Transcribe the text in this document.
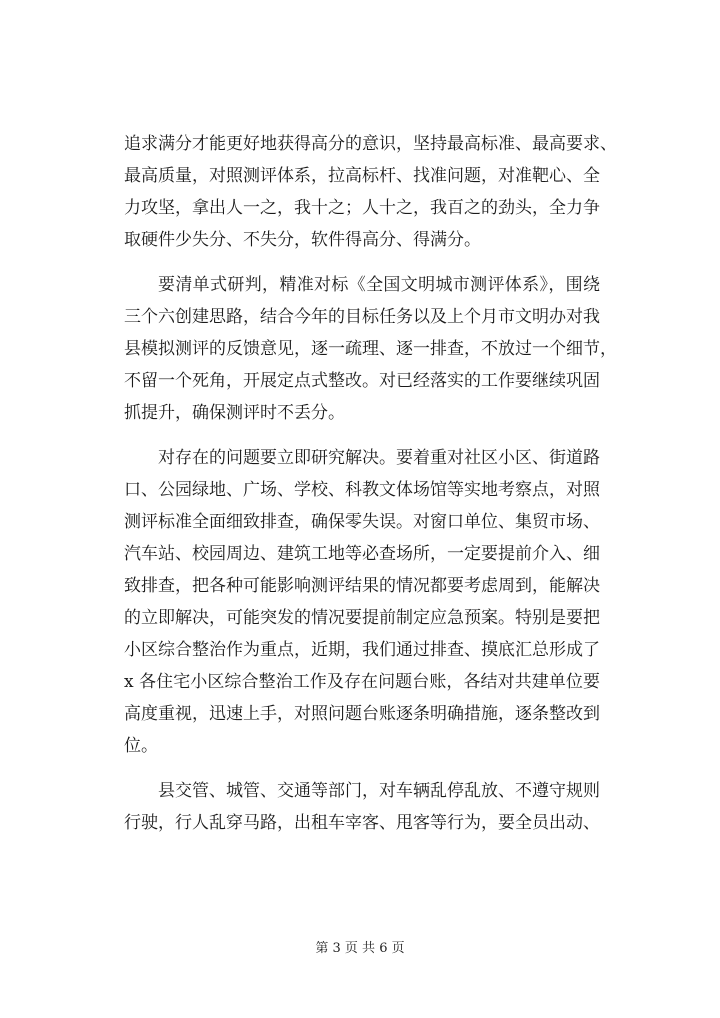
追求满分才能更好地获得高分的意识，坚持最高标准、最高要求、
最高质量，对照测评体系，拉高标杆、找准问题，对准靶心、全
力攻坚，拿出人一之，我十之；人十之，我百之的劲头，全力争
取硬件少失分、不失分，软件得高分、得满分。
要清单式研判，精准对标《全国文明城市测评体系》，围绕
三个六创建思路，结合今年的目标任务以及上个月市文明办对我
县模拟测评的反馈意见，逐一疏理、逐一排查，不放过一个细节，
不留一个死角，开展定点式整改。对已经落实的工作要继续巩固
抓提升，确保测评时不丢分。
对存在的问题要立即研究解决。要着重对社区小区、街道路
口、公园绿地、广场、学校、科教文体场馆等实地考察点，对照
测评标准全面细致排查，确保零失误。对窗口单位、集贸市场、
汽车站、校园周边、建筑工地等必查场所，一定要提前介入、细
致排查，把各种可能影响测评结果的情况都要考虑周到，能解决
的立即解决，可能突发的情况要提前制定应急预案。特别是要把
小区综合整治作为重点，近期，我们通过排查、摸底汇总形成了
x 各住宅小区综合整治工作及存在问题台账，各结对共建单位要
高度重视，迅速上手，对照问题台账逐条明确措施，逐条整改到
位。
县交管、城管、交通等部门，对车辆乱停乱放、不遵守规则
行驶，行人乱穿马路，出租车宰客、甩客等行为，要全员出动、
第 3 页 共 6 页
